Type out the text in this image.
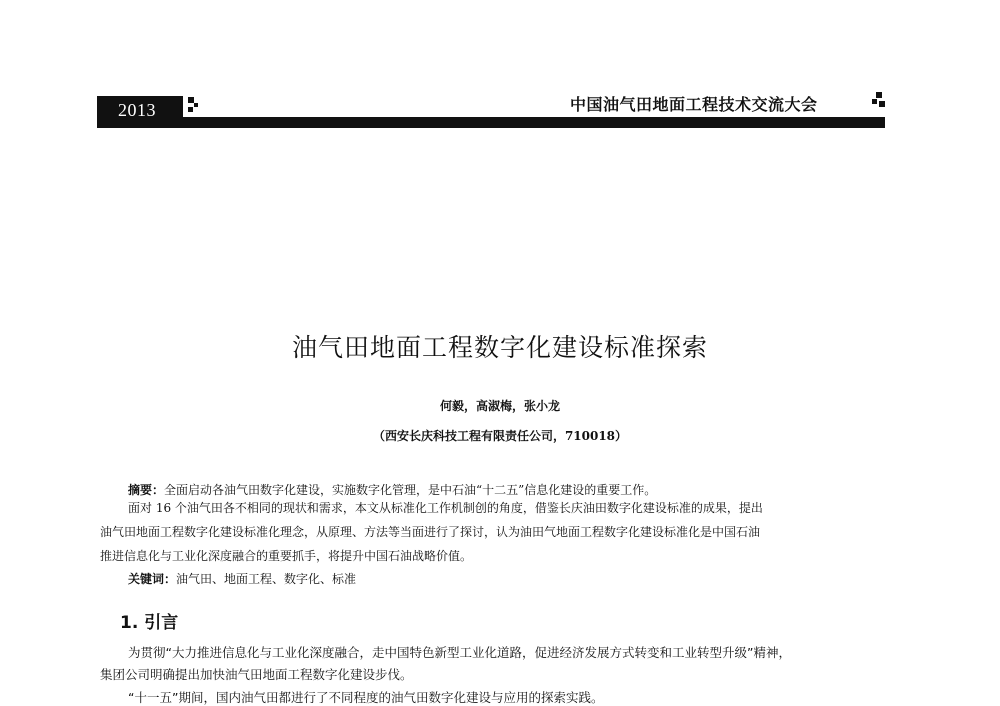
2013	中国油气田地面工程技术交流大会
油气田地面工程数字化建设标准探索
何毅，高淑梅，张小龙
（西安长庆科技工程有限责任公司，710018）
摘要：全面启动各油气田数字化建设，实施数字化管理，是中石油“十二五”信息化建设的重要工作。
面对 16 个油气田各不相同的现状和需求，本文从标准化工作机制创的角度，借鉴长庆油田数字化建设标准的成果，提出
油气田地面工程数字化建设标准化理念，从原理、方法等当面进行了探讨，认为油田气地面工程数字化建设标准化是中国石油
推进信息化与工业化深度融合的重要抓手，将提升中国石油战略价值。
关键词：油气田、地面工程、数字化、标准
1. 引言
为贯彻“大力推进信息化与工业化深度融合，走中国特色新型工业化道路，促进经济发展方式转变和工业转型升级”精神，
集团公司明确提出加快油气田地面工程数字化建设步伐。
“十一五”期间，国内油气田都进行了不同程度的油气田数字化建设与应用的探索实践。
